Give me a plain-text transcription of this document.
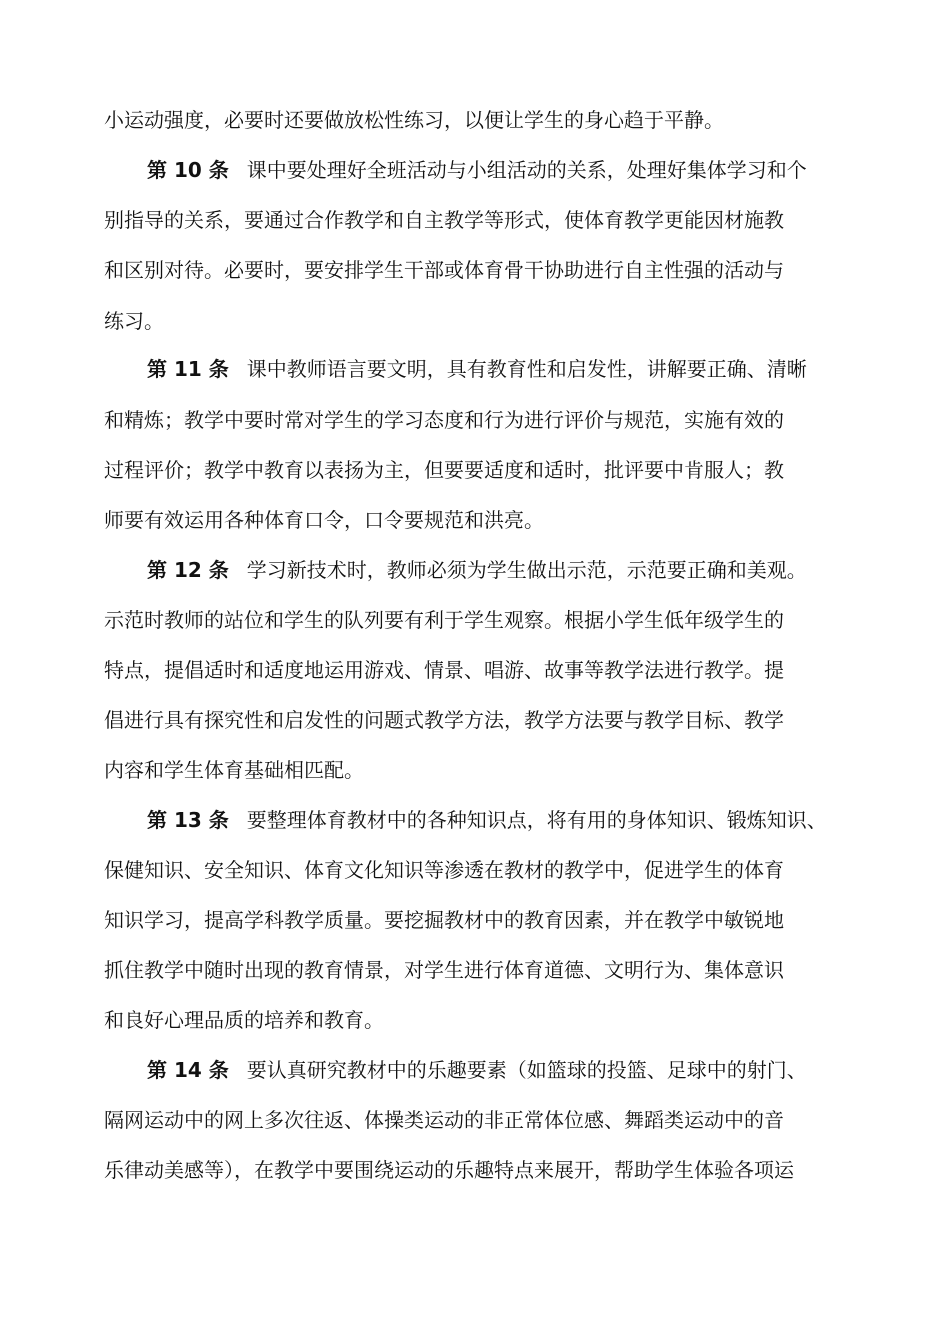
小运动强度，必要时还要做放松性练习，以便让学生的身心趋于平静。
第 10 条 课中要处理好全班活动与小组活动的关系，处理好集体学习和个
别指导的关系，要通过合作教学和自主教学等形式，使体育教学更能因材施教
和区别对待。必要时，要安排学生干部或体育骨干协助进行自主性强的活动与
练习。
第 11 条 课中教师语言要文明，具有教育性和启发性，讲解要正确、清晰
和精炼；教学中要时常对学生的学习态度和行为进行评价与规范，实施有效的
过程评价；教学中教育以表扬为主，但要要适度和适时，批评要中肯服人；教
师要有效运用各种体育口令，口令要规范和洪亮。
第 12 条 学习新技术时，教师必须为学生做出示范，示范要正确和美观。
示范时教师的站位和学生的队列要有利于学生观察。根据小学生低年级学生的
特点，提倡适时和适度地运用游戏、情景、唱游、故事等教学法进行教学。提
倡进行具有探究性和启发性的问题式教学方法，教学方法要与教学目标、教学
内容和学生体育基础相匹配。
第 13 条 要整理体育教材中的各种知识点，将有用的身体知识、锻炼知识、
保健知识、安全知识、体育文化知识等渗透在教材的教学中，促进学生的体育
知识学习，提高学科教学质量。要挖掘教材中的教育因素，并在教学中敏锐地
抓住教学中随时出现的教育情景，对学生进行体育道德、文明行为、集体意识
和良好心理品质的培养和教育。
第 14 条 要认真研究教材中的乐趣要素（如篮球的投篮、足球中的射门、
隔网运动中的网上多次往返、体操类运动的非正常体位感、舞蹈类运动中的音
乐律动美感等），在教学中要围绕运动的乐趣特点来展开，帮助学生体验各项运
